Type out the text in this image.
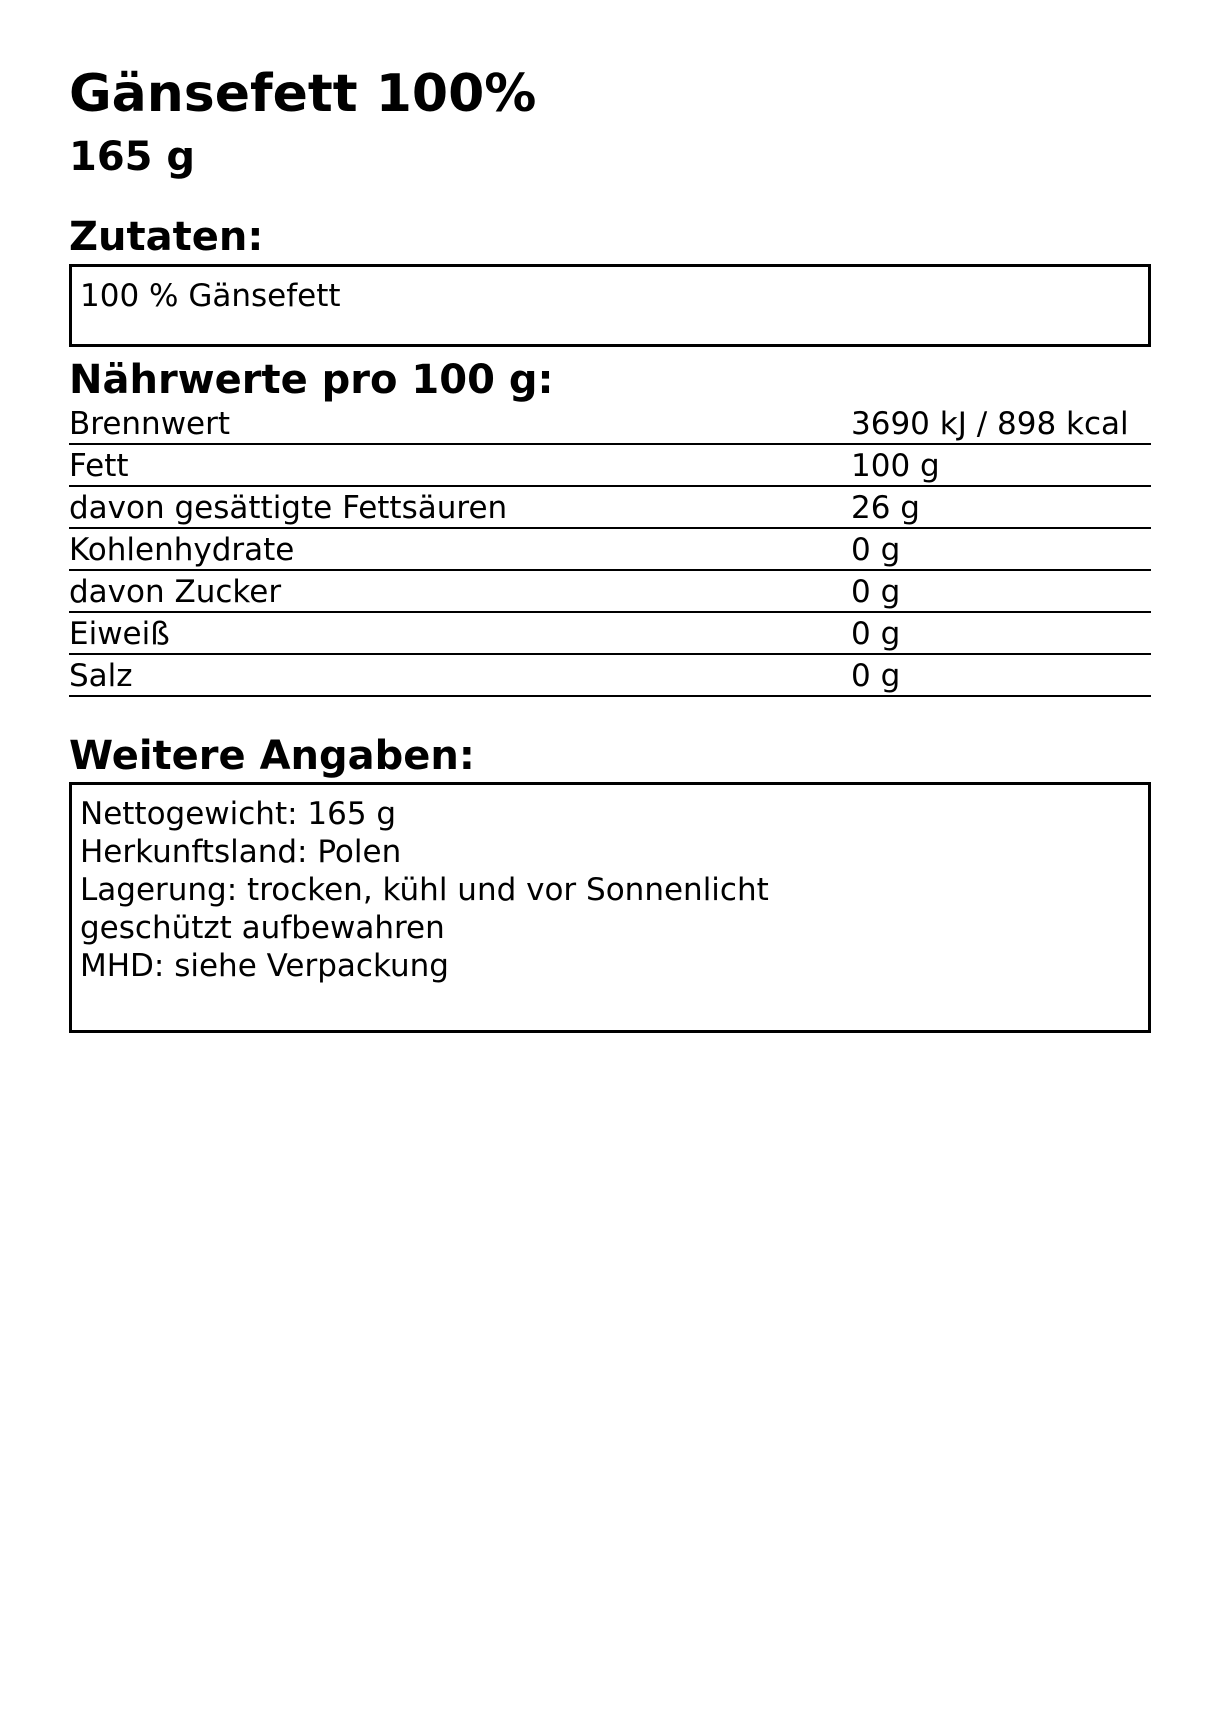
Gänsefett 100%
165 g
Zutaten:
100 % Gänsefett
Nährwerte pro 100 g:
Brennwert	3690 kJ / 898 kcal
Fett	100 g
davon gesättigte Fettsäuren	26 g
Kohlenhydrate	0 g
davon Zucker	0 g
Eiweiß	0 g
Salz	0 g
Weitere Angaben:
Nettogewicht: 165 g
Herkunftsland: Polen
Lagerung: trocken, kühl und vor Sonnenlicht
geschützt aufbewahren
MHD: siehe Verpackung
